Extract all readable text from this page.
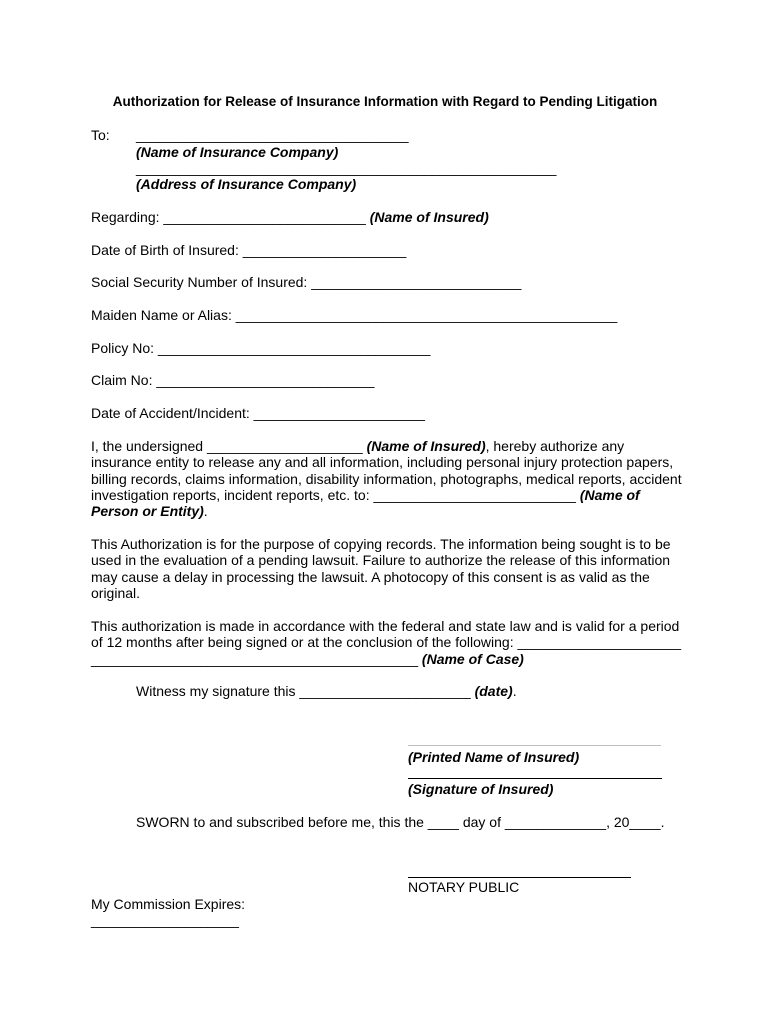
Authorization for Release of Insurance Information with Regard to Pending Litigation
To: ___________________________________
(Name of Insurance Company)
______________________________________________________
(Address of Insurance Company)
Regarding: __________________________ (Name of Insured)
Date of Birth of Insured: _____________________
Social Security Number of Insured: ___________________________
Maiden Name or Alias: _________________________________________________
Policy No: ___________________________________
Claim No: ____________________________
Date of Accident/Incident: ______________________
I, the undersigned ____________________ (Name of Insured), hereby authorize any
insurance entity to release any and all information, including personal injury protection papers,
billing records, claims information, disability information, photographs, medical reports, accident
investigation reports, incident reports, etc. to: __________________________ (Name of
Person or Entity).
This Authorization is for the purpose of copying records. The information being sought is to be
used in the evaluation of a pending lawsuit. Failure to authorize the release of this information
may cause a delay in processing the lawsuit. A photocopy of this consent is as valid as the
original.
This authorization is made in accordance with the federal and state law and is valid for a period
of 12 months after being signed or at the conclusion of the following: _____________________
__________________________________________ (Name of Case)
Witness my signature this ______________________ (date).
(Printed Name of Insured)
(Signature of Insured)
SWORN to and subscribed before me, this the ____ day of _____________, 20____.
NOTARY PUBLIC
My Commission Expires:
___________________
